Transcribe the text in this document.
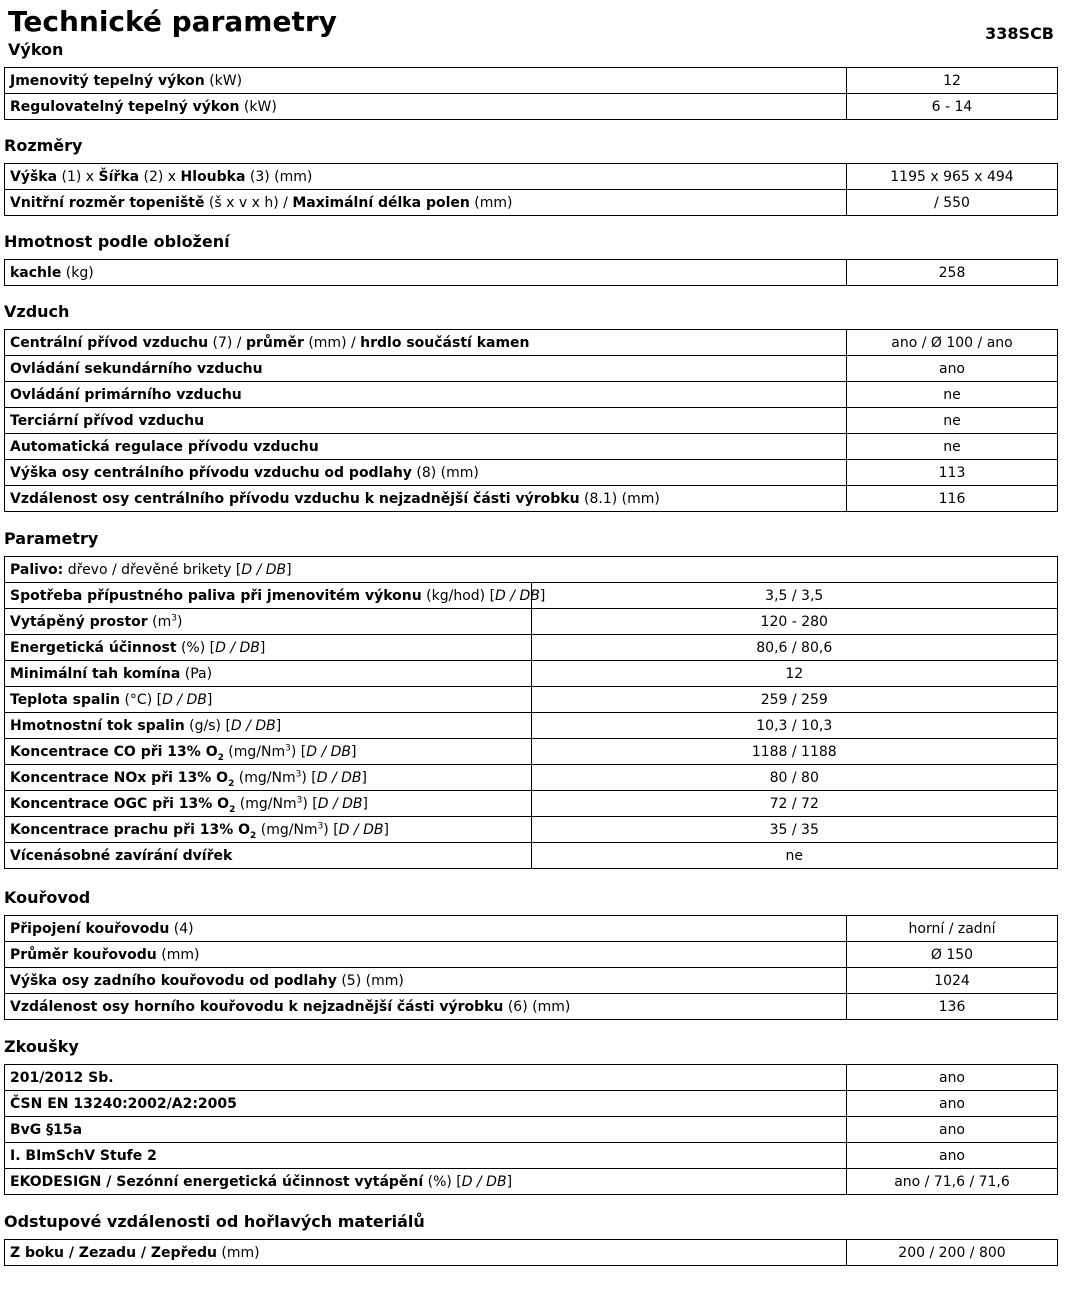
Technické parametry	338SCB
Výkon
Jmenovitý tepelný výkon (kW)	12
Regulovatelný tepelný výkon (kW)	6 - 14
Rozměry
Výška (1) x Šířka (2) x Hloubka (3) (mm)	1195 x 965 x 494
Vnitřní rozměr topeniště (š x v x h) / Maximální délka polen (mm)	/ 550
Hmotnost podle obložení
kachle (kg)	258
Vzduch
Centrální přívod vzduchu (7) / průměr (mm) / hrdlo součástí kamen	ano / Ø 100 / ano
Ovládání sekundárního vzduchu	ano
Ovládání primárního vzduchu	ne
Terciární přívod vzduchu	ne
Automatická regulace přívodu vzduchu	ne
Výška osy centrálního přívodu vzduchu od podlahy (8) (mm)	113
Vzdálenost osy centrálního přívodu vzduchu k nejzadnější části výrobku (8.1) (mm)	116
Parametry
Palivo: dřevo / dřevěné brikety [D / DB]	
Spotřeba přípustného paliva při jmenovitém výkonu (kg/hod) [D / DB]	3,5 / 3,5
Vytápěný prostor $(m^3)$	120 - 280
Energetická účinnost (%) [D / DB]	80,6 / 80,6
Minimální tah komína (Pa)	12
Teplota spalin (°C) [D / DB]	259 / 259
Hmotnostní tok spalin (g/s) [D / DB]	10,3 / 10,3
Koncentrace CO při 13% $O_2$ (mg/Nm$^3$) [D / DB]	1188 / 1188
Koncentrace NOx při 13% $O_2$ (mg/Nm$^3$) [D / DB]	80 / 80
Koncentrace OGC při 13% $O_2$ (mg/Nm$^3$) [D / DB]	72 / 72
Koncentrace prachu při 13% $O_2$ (mg/Nm$^3$) [D / DB]	35 / 35
Vícenásobné zavírání dvířek	ne
Kouřovod
Připojení kouřovodu (4)	horní / zadní
Průměr kouřovodu (mm)	Ø 150
Výška osy zadního kouřovodu od podlahy (5) (mm)	1024
Vzdálenost osy horního kouřovodu k nejzadnější části výrobku (6) (mm)	136
Zkoušky
201/2012 Sb.	ano
ČSN EN 13240:2002/A2:2005	ano
BvG §15a	ano
I. BImSchV Stufe 2	ano
EKODESIGN / Sezónní energetická účinnost vytápění (%) [D / DB]	ano / 71,6 / 71,6
Odstupové vzdálenosti od hořlavých materiálů
Z boku / Zezadu / Zepředu (mm)	200 / 200 / 800
